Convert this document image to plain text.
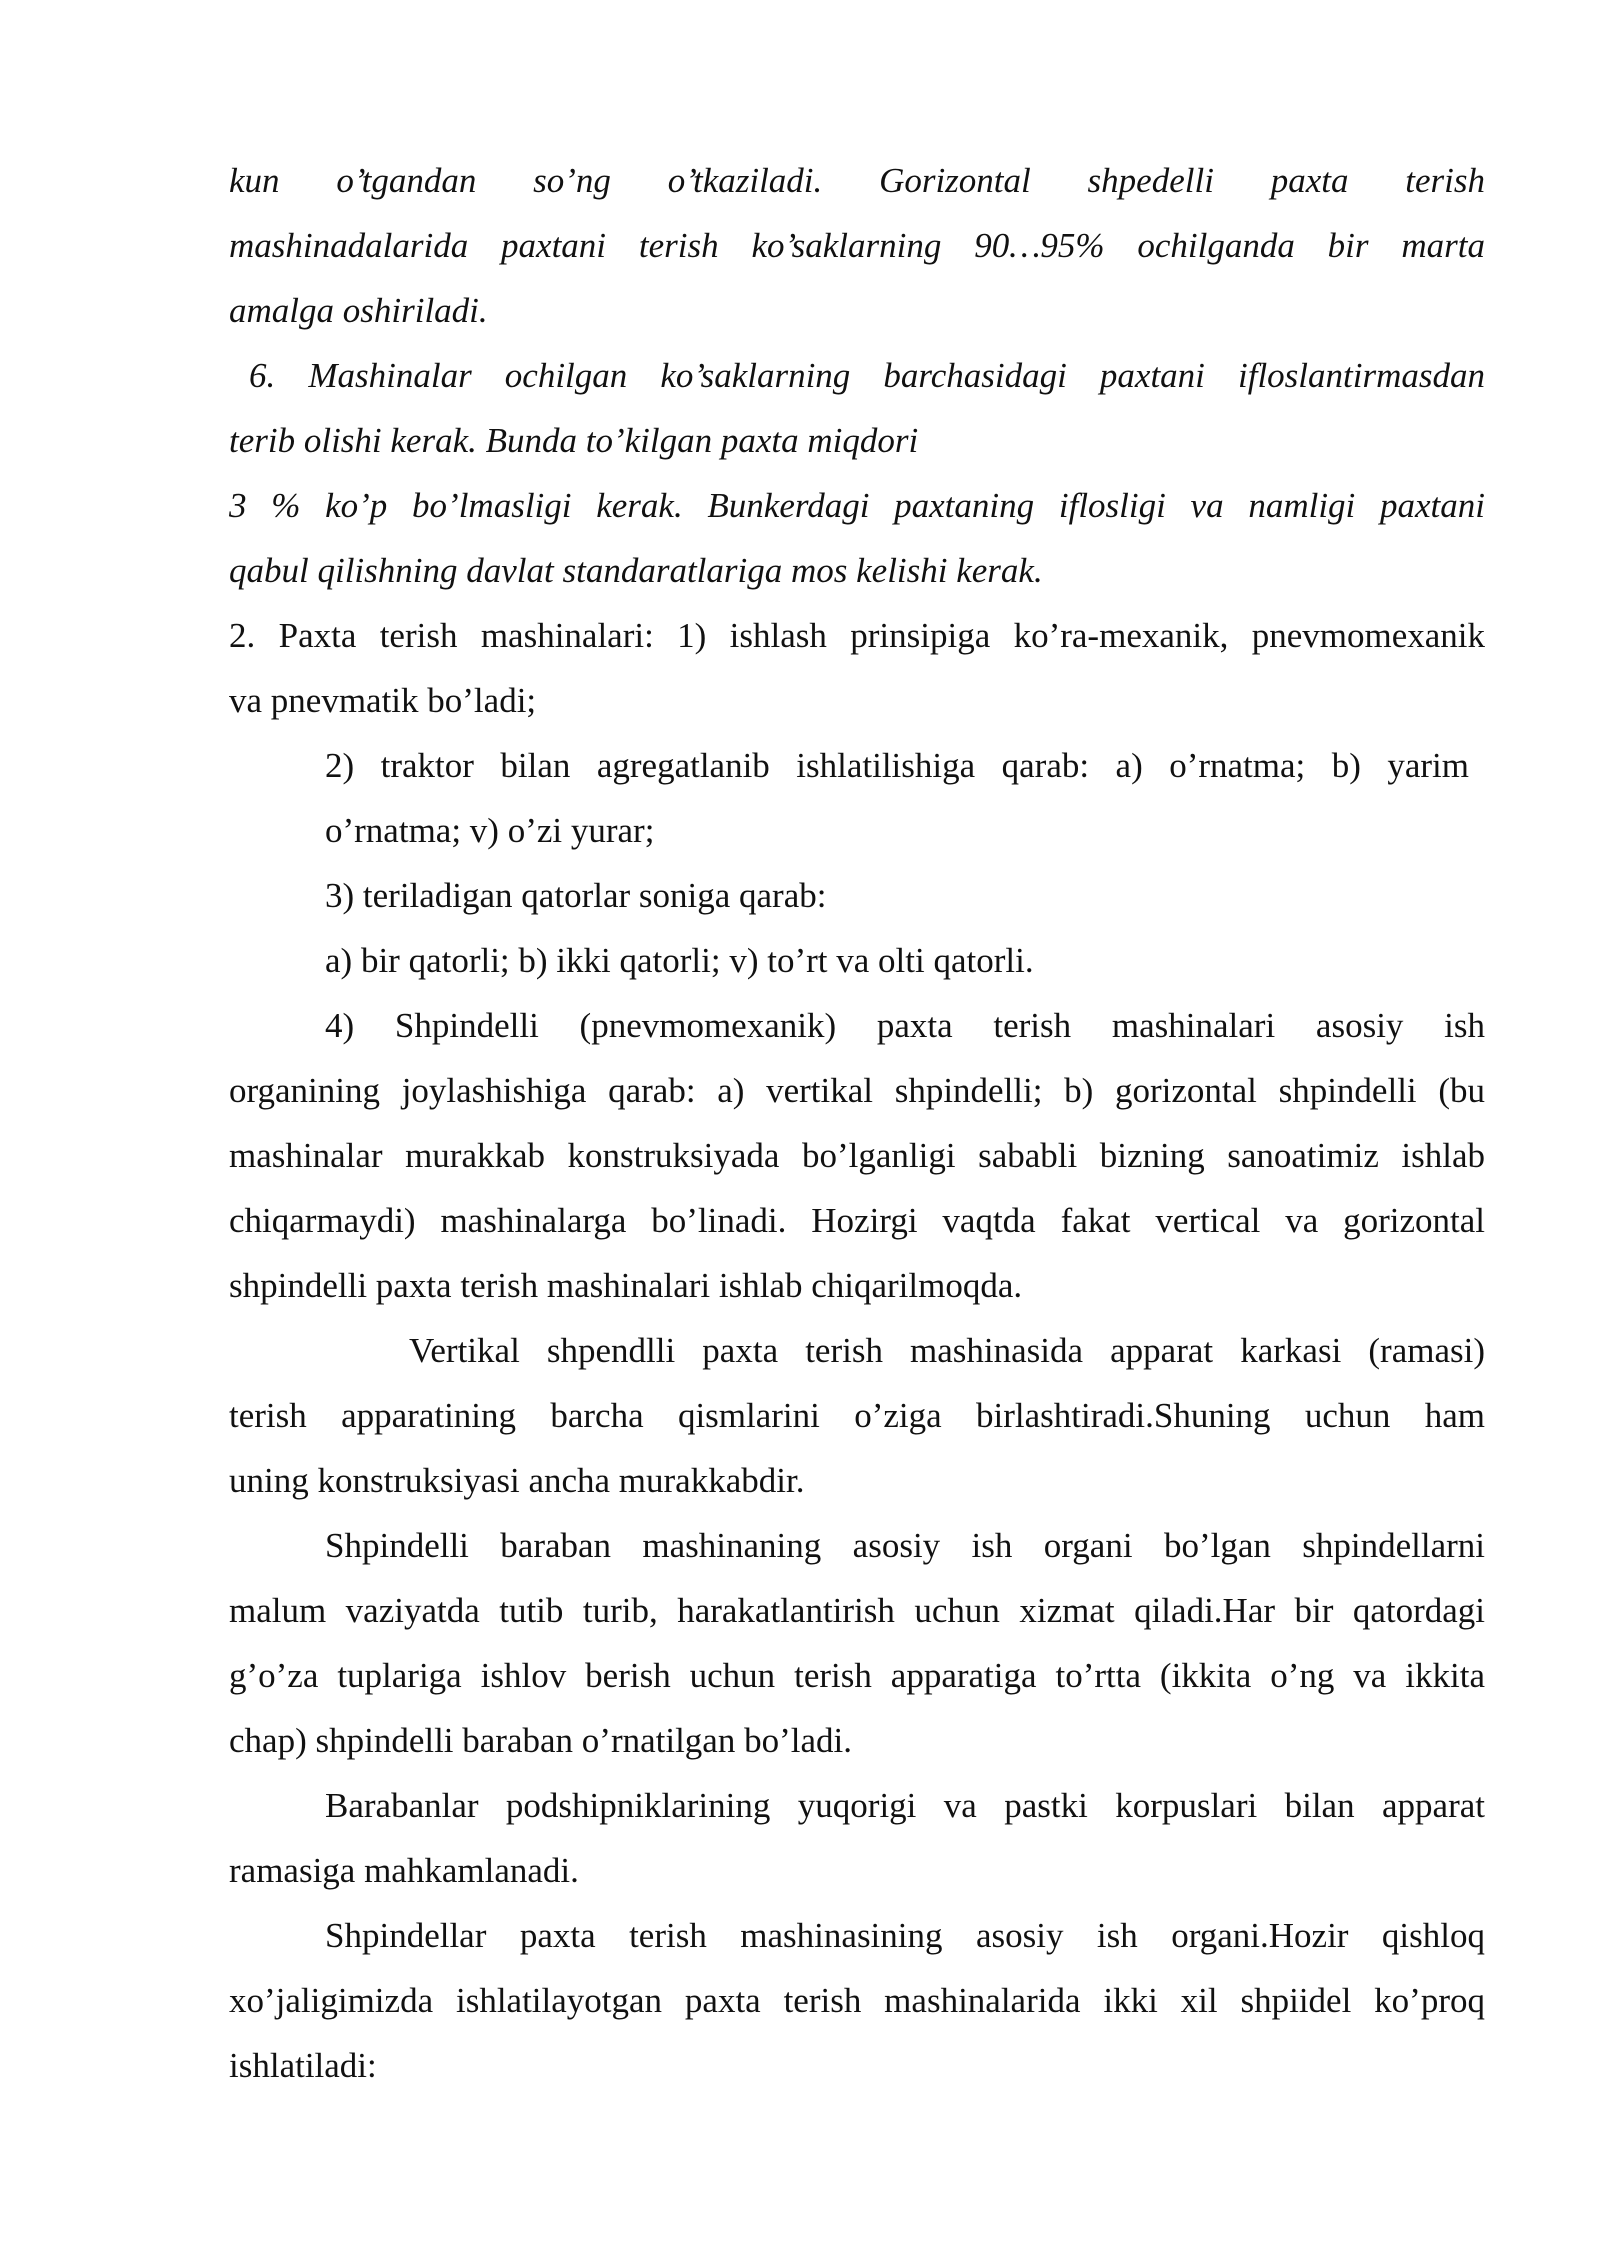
kun o’tgandan so’ng o’tkaziladi. Gorizontal shpedelli paxta terish
mashinadalarida paxtani terish ko’saklarning 90…95% ochilganda bir marta
amalga oshiriladi.
6. Mashinalar ochilgan ko’saklarning barchasidagi paxtani ifloslantirmasdan
terib olishi kerak. Bunda to’kilgan paxta miqdori
3 % ko’p bo’lmasligi kerak. Bunkerdagi paxtaning iflosligi va namligi paxtani
qabul qilishning davlat standaratlariga mos kelishi kerak.
2. Paxta terish mashinalari: 1) ishlash prinsipiga ko’ra-mexanik, pnevmomexanik
va pnevmatik bo’ladi;
2) traktor bilan agregatlanib ishlatilishiga qarab: a) o’rnatma; b) yarim
o’rnatma; v) o’zi yurar;
3) teriladigan qatorlar soniga qarab:
a) bir qatorli; b) ikki qatorli; v) to’rt va olti qatorli.
4) Shpindelli (pnevmomexanik) paxta terish mashinalari asosiy ish
organining joylashishiga qarab: a) vertikal shpindelli; b) gorizontal shpindelli (bu
mashinalar murakkab konstruksiyada bo’lganligi sababli bizning sanoatimiz ishlab
chiqarmaydi) mashinalarga bo’linadi. Hozirgi vaqtda fakat vertical va gorizontal
shpindelli paxta terish mashinalari ishlab chiqarilmoqda.
Vertikal shpendlli paxta terish mashinasida apparat karkasi (ramasi)
terish apparatining barcha qismlarini o’ziga birlashtiradi.Shuning uchun ham
uning konstruksiyasi ancha murakkabdir.
Shpindelli baraban mashinaning asosiy ish organi bo’lgan shpindellarni
malum vaziyatda tutib turib, harakatlantirish uchun xizmat qiladi.Har bir qatordagi
g’o’za tuplariga ishlov berish uchun terish apparatiga to’rtta (ikkita o’ng va ikkita
chap) shpindelli baraban o’rnatilgan bo’ladi.
Barabanlar podshipniklarining yuqorigi va pastki korpuslari bilan apparat
ramasiga mahkamlanadi.
Shpindellar paxta terish mashinasining asosiy ish organi.Hozir qishloq
xo’jaligimizda ishlatilayotgan paxta terish mashinalarida ikki xil shpiidel ko’proq
ishlatiladi:
